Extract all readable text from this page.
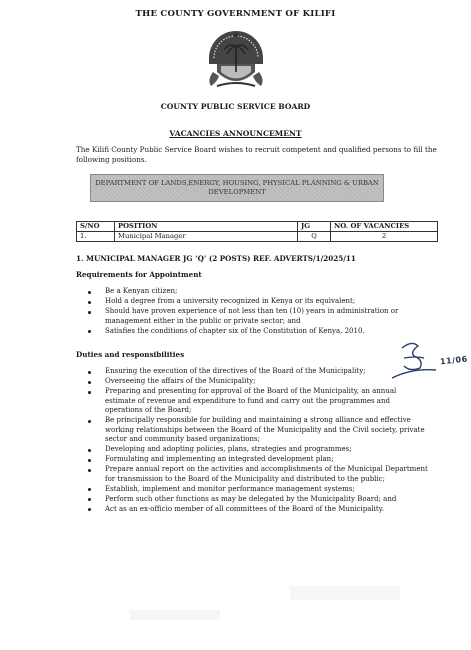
THE COUNTY GOVERNMENT OF KILIFI
COUNTY PUBLIC SERVICE BOARD
VACANCIES ANNOUNCEMENT
The Kilifi County Public Service Board wishes to recruit competent and qualified persons to fill the following positions.
DEPARTMENT OF LANDS,ENERGY, HOUSING, PHYSICAL PLANNING & URBAN
DEVELOPMENT
S/NO	POSITION	JG	NO. OF VACANCIES
1.	Municipal Manager	Q	2
1. MUNICIPAL MANAGER JG ‘Q’ (2 POSTS) REF. ADVERTS/1/2025/11
Requirements for Appointment
Be a Kenyan citizen;
Hold a degree from a university recognized in Kenya or its equivalent;
Should have proven experience of not less than ten (10) years in administration or management either in the public or private sector; and
Satisfies the conditions of chapter six of the Constitution of Kenya, 2010.
Duties and responsibilities
Ensuring the execution of the directives of the Board of the Municipality;
Overseeing the affairs of the Municipality;
Preparing and presenting for approval of the Board of the Municipality, an annual estimate of revenue and expenditure to fund and carry out the programmes and operations of the Board;
Be principally responsible for building and maintaining a strong alliance and effective working relationships between the Board of the Municipality and the Civil society, private sector and community based organizations;
Developing and adopting policies, plans, strategies and programmes;
Formulating and implementing an integrated development plan;
Prepare annual report on the activities and accomplishments of the Municipal Department for transmission to the Board of the Municipality and distributed to the public;
Establish, implement and monitor performance management systems;
Perform such other functions as may be delegated by the Municipality Board; and
Act as an ex-officio member of all committees of the Board of the Municipality.
11/06
